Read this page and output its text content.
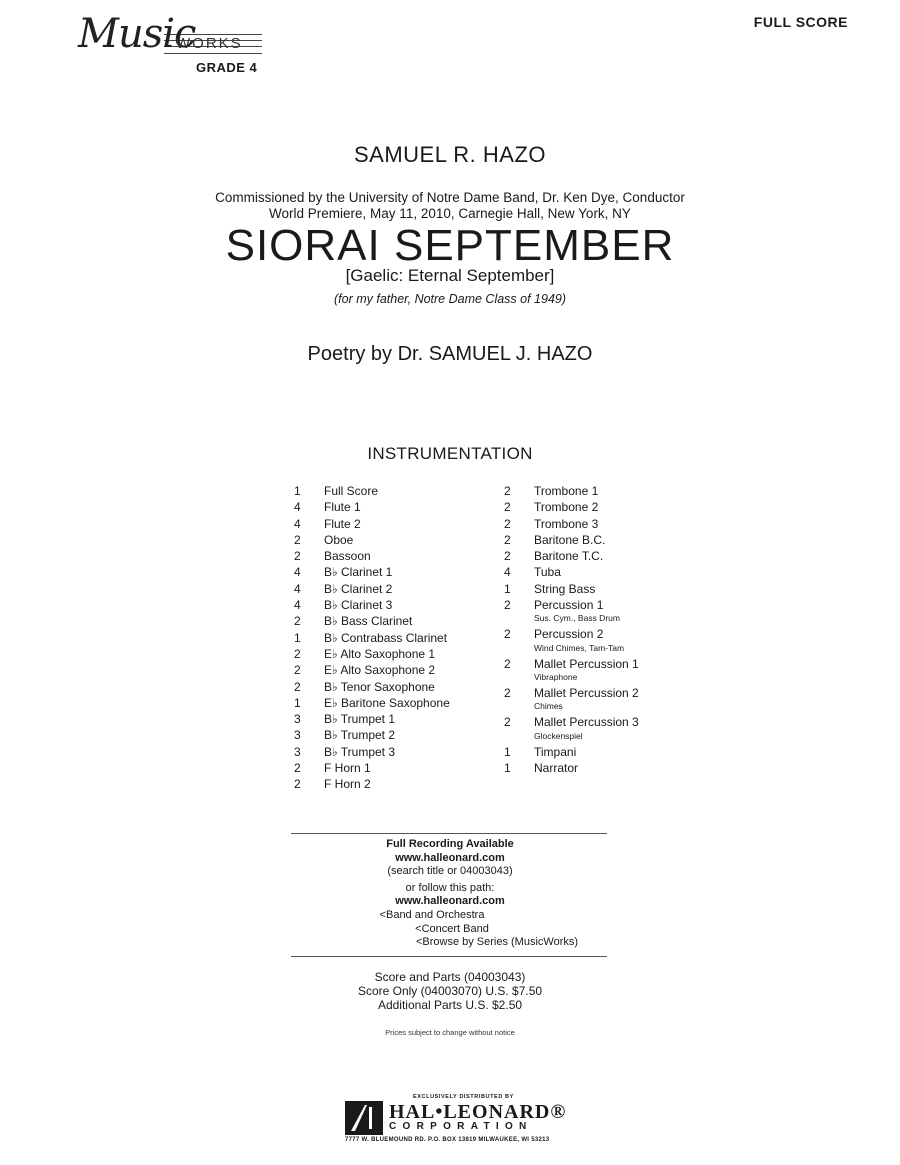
Music
WORKS
GRADE 4
FULL SCORE
SAMUEL R. HAZO
Commissioned by the University of Notre Dame Band, Dr. Ken Dye, Conductor
World Premiere, May 11, 2010, Carnegie Hall, New York, NY
SIORAI SEPTEMBER
[Gaelic: Eternal September]
(for my father, Notre Dame Class of 1949)
Poetry by Dr. SAMUEL J. HAZO
INSTRUMENTATION
1	Full Score
4	Flute 1
4	Flute 2
2	Oboe
2	Bassoon
4	B♭ Clarinet 1
4	B♭ Clarinet 2
4	B♭ Clarinet 3
2	B♭ Bass Clarinet
1	B♭ Contrabass Clarinet
2	E♭ Alto Saxophone 1
2	E♭ Alto Saxophone 2
2	B♭ Tenor Saxophone
1	E♭ Baritone Saxophone
3	B♭ Trumpet 1
3	B♭ Trumpet 2
3	B♭ Trumpet 3
2	F Horn 1
2	F Horn 2
2	Trombone 1
2	Trombone 2
2	Trombone 3
2	Baritone B.C.
2	Baritone T.C.
4	Tuba
1	String Bass
2	Percussion 1
Sus. Cym., Bass Drum
2	Percussion 2
Wind Chimes, Tam-Tam
2	Mallet Percussion 1
Vibraphone
2	Mallet Percussion 2
Chimes
2	Mallet Percussion 3
Glockenspiel
1	Timpani
1	Narrator
Full Recording Available
www.halleonard.com
(search title or 04003043)
or follow this path:
www.halleonard.com
<Band and Orchestra
<Concert Band
<Browse by Series (MusicWorks)
Score and Parts (04003043)
Score Only (04003070) U.S. $7.50
Additional Parts U.S. $2.50
Prices subject to change without notice
EXCLUSIVELY DISTRIBUTED BY
HAL•LEONARD®
CORPORATION
7777 W. BLUEMOUND RD. P.O. BOX 13819 MILWAUKEE, WI 53213
